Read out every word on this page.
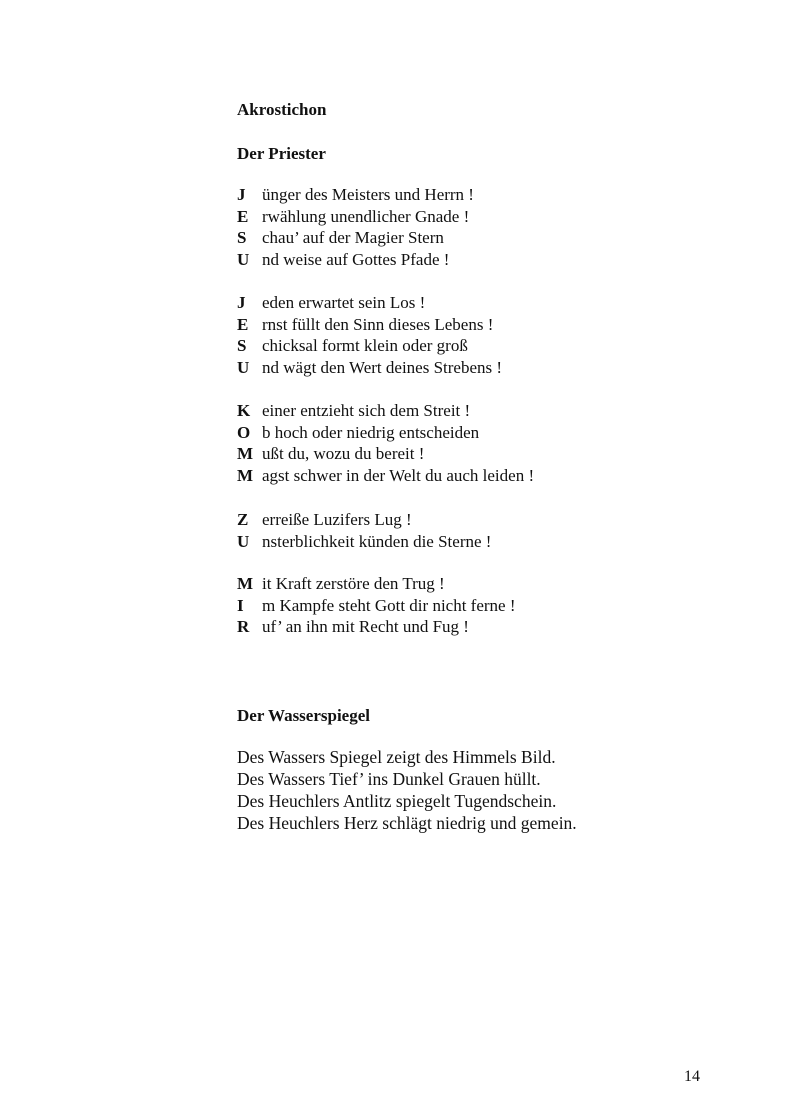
Akrostichon
Der Priester
J ünger des Meisters und Herrn !
E rwählung unendlicher Gnade !
S chau’ auf der Magier Stern
U nd weise auf Gottes Pfade !
J eden erwartet sein Los !
E rnst füllt den Sinn dieses Lebens !
S chicksal formt klein oder groß
U nd wägt den Wert deines Strebens !
K einer entzieht sich dem Streit !
O b hoch oder niedrig entscheiden
M ußt du, wozu du bereit !
M agst schwer in der Welt du auch leiden !
Z erreiße Luzifers Lug !
U nsterblichkeit künden die Sterne !
M it Kraft zerstöre den Trug !
I m Kampfe steht Gott dir nicht ferne !
R uf’ an ihn mit Recht und Fug !
Der Wasserspiegel
Des Wassers Spiegel zeigt des Himmels Bild.
Des Wassers Tief’ ins Dunkel Grauen hüllt.
Des Heuchlers Antlitz spiegelt Tugendschein.
Des Heuchlers Herz schlägt niedrig und gemein.
14
